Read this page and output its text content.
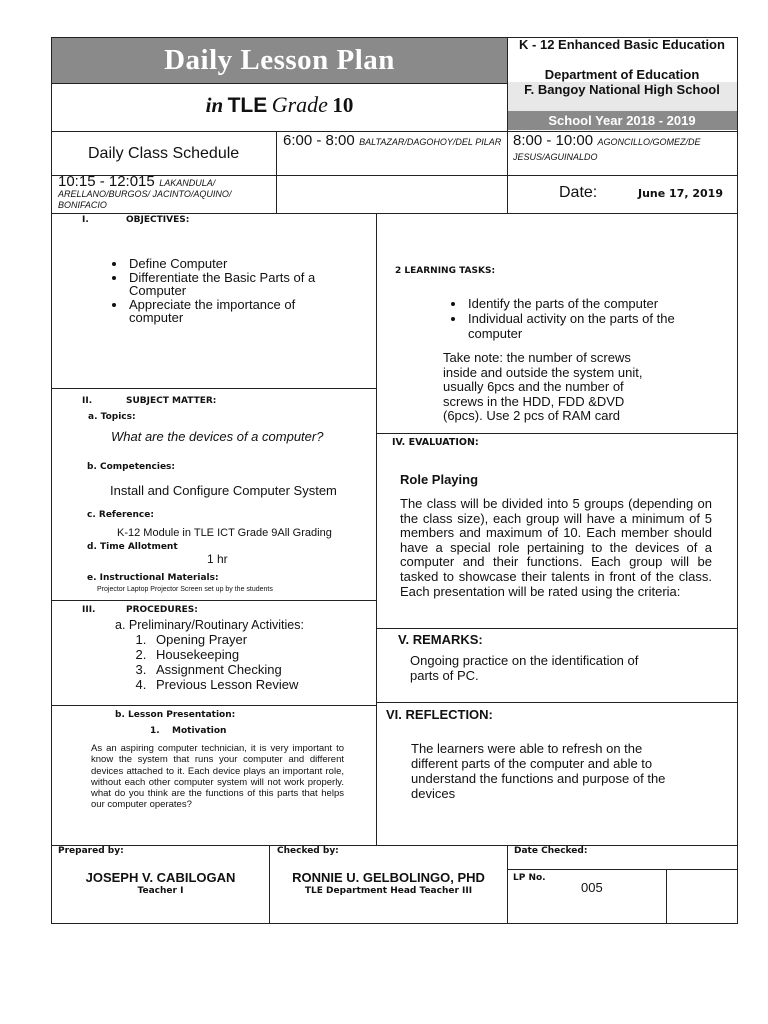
Daily Lesson Plan
in TLE Grade 10
K - 12 Enhanced Basic Education
Department of Education
F. Bangoy National High School
School Year 2018 - 2019
Daily Class Schedule
6:00 - 8:00 BALTAZAR/DAGOHOY/DEL PILAR 8:00 - 10:00 AGONCILLO/GOMEZ/DE JESUS/AGUINALDO
10:15 - 12:015 LAKANDULA/ ARELLANO/BURGOS/ JACINTO/AQUINO/ BONIFACIO
Date:	June 17, 2019
I.	OBJECTIVES:
• Define Computer
• Differentiate the Basic Parts of a Computer
• Appreciate the importance of computer
II.	SUBJECT MATTER:
a. Topics:
What are the devices of a computer?
b. Competencies:
Install and Configure Computer System
c. Reference:
K-12 Module in TLE ICT Grade 9All Grading
d. Time Allotment
1 hr
e. Instructional Materials:
Projector Laptop Projector Screen set up by the students
III.	PROCEDURES:
a. Preliminary/Routinary Activities:
1. Opening Prayer
2. Housekeeping
3. Assignment Checking
4. Previous Lesson Review
b. Lesson Presentation:
1. Motivation
As an aspiring computer technician, it is very important to know the system that runs your computer and different devices attached to it. Each device plays an important role, without each other computer system will not work properly. what do you think are the functions of this parts that helps our computer operates?
2 LEARNING TASKS:
• Identify the parts of the computer
• Individual activity on the parts of the computer
Take note: the number of screws inside and outside the system unit, usually 6pcs and the number of screws in the HDD, FDD &DVD (6pcs). Use 2 pcs of RAM card
IV. EVALUATION:
Role Playing
The class will be divided into 5 groups (depending on the class size), each group will have a minimum of 5 members and maximum of 10. Each member should have a special role pertaining to the devices of a computer and their functions. Each group will be tasked to showcase their talents in front of the class. Each presentation will be rated using the criteria:
V. REMARKS:
Ongoing practice on the identification of parts of PC.
VI. REFLECTION:
The learners were able to refresh on the different parts of the computer and able to understand the functions and purpose of the devices
Prepared by:
JOSEPH V. CABILOGAN
Teacher I
Checked by:
RONNIE U. GELBOLINGO, PHD
TLE Department Head Teacher III
Date Checked:
LP No.
005
